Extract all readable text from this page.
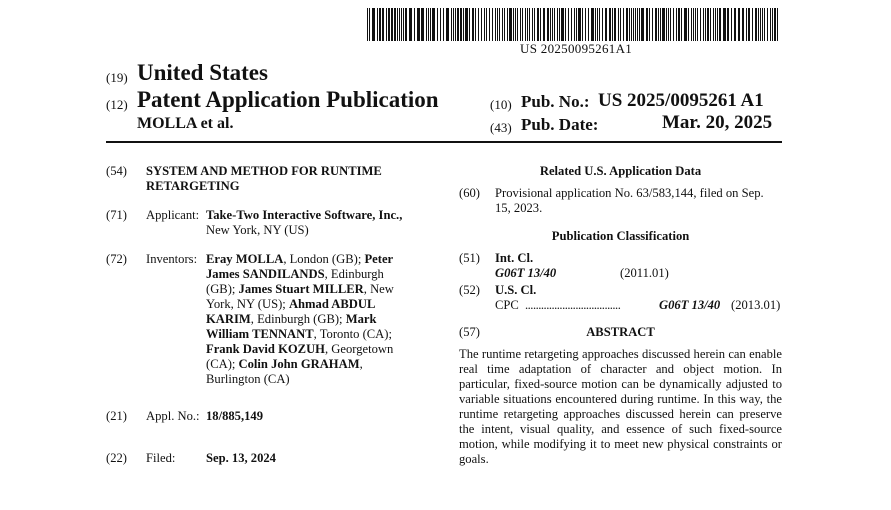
US 20250095261A1
(19) United States
(12) Patent Application Publication
MOLLA et al.
(10) Pub. No.: US 2025/0095261 A1
(43) Pub. Date:	Mar. 20, 2025
(54) SYSTEM AND METHOD FOR RUNTIME
RETARGETING
(71) Applicant: Take-Two Interactive Software, Inc.,
New York, NY (US)
(72) Inventors: Eray MOLLA, London (GB); Peter
James SANDILANDS, Edinburgh
(GB); James Stuart MILLER, New
York, NY (US); Ahmad ABDUL
KARIM, Edinburgh (GB); Mark
William TENNANT, Toronto (CA);
Frank David KOZUH, Georgetown
(CA); Colin John GRAHAM,
Burlington (CA)
(21) Appl. No.: 18/885,149
(22) Filed: Sep. 13, 2024
Related U.S. Application Data
(60) Provisional application No. 63/583,144, filed on Sep.
15, 2023.
Publication Classification
(51) Int. Cl.
G06T 13/40	(2011.01)
(52) U.S. Cl.
CPC ....................................	G06T 13/40 (2013.01)
(57)	ABSTRACT
The runtime retargeting approaches discussed herein can enable real time adaptation of character and object motion. In particular, fixed-source motion can be dynamically adjusted to variable situations encountered during runtime. In this way, the runtime retargeting approaches discussed herein can preserve the intent, visual quality, and essence of such fixed-source motion, while modifying it to meet new physical constraints or goals.
